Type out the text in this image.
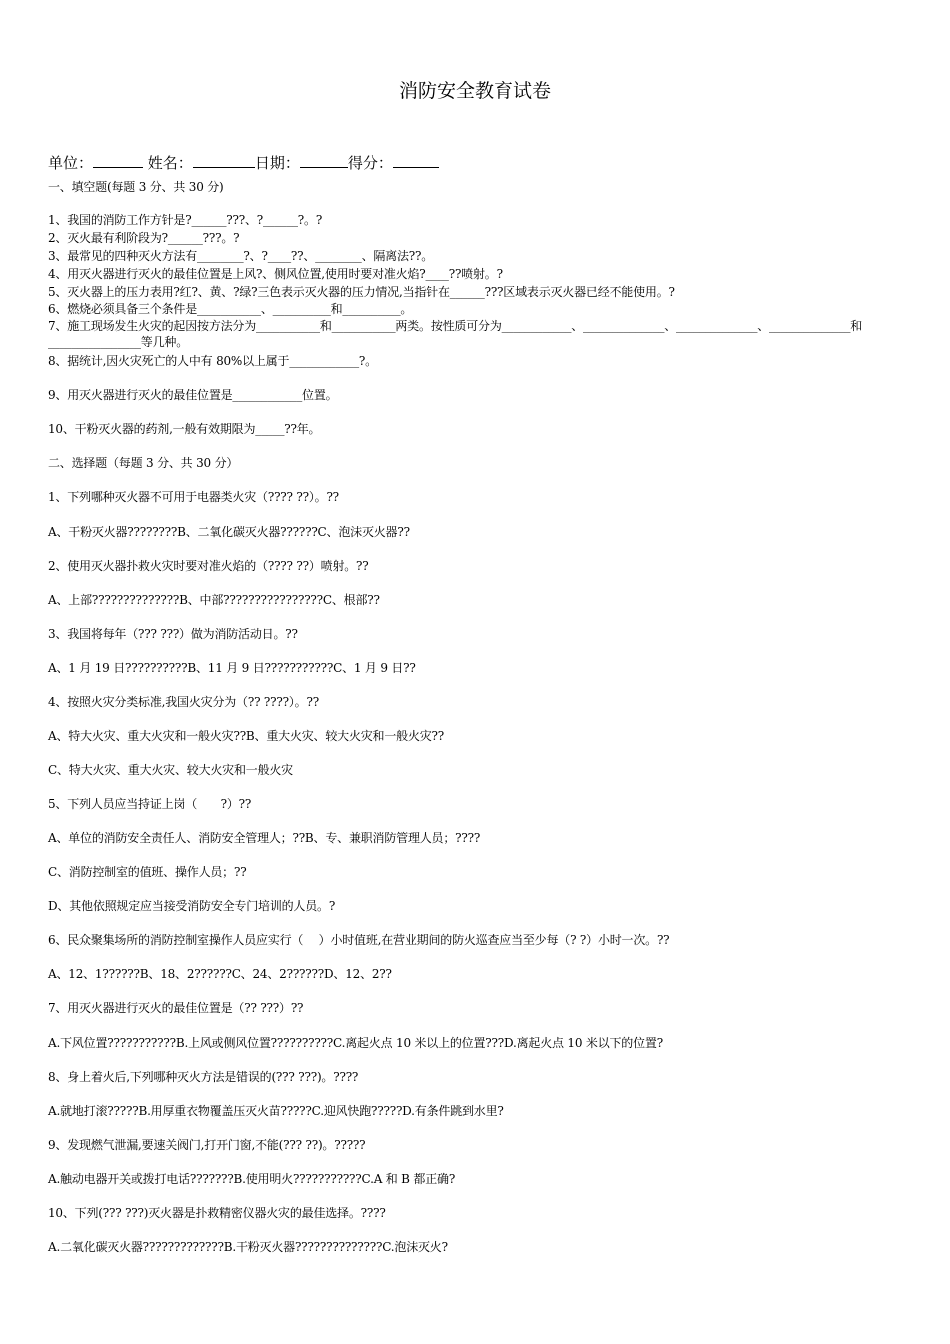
消防安全教育试卷
单位：	姓名：	日期：	得分：
一、填空题(每题 3 分、共 30 分)
1、我国的消防工作方针是?______???、?______?。?
2、灭火最有利阶段为?______???。?
3、最常见的四种灭火方法有________?、?____??、________、隔离法??。
4、用灭火器进行灭火的最佳位置是上风?、侧风位置,使用时要对准火焰?____??喷射。?
5、灭火器上的压力表用?红?、黄、?绿?三色表示灭火器的压力情况,当指针在______???区域表示灭火器已经不能使用。?
6、燃烧必须具备三个条件是___________、__________和__________。
7、施工现场发生火灾的起因按方法分为___________和___________两类。按性质可分为____________、______________、______________、______________和________________等几种。
8、据统计,因火灾死亡的人中有 80%以上属于____________?。
9、用灭火器进行灭火的最佳位置是____________位置。
10、干粉灭火器的药剂,一般有效期限为_____??年。
二、选择题（每题 3 分、共 30 分）
1、下列哪种灭火器不可用于电器类火灾（???? ??）。??
A、干粉灭火器????????B、二氧化碳灭火器??????C、泡沫灭火器??
2、使用灭火器扑救火灾时要对准火焰的（???? ??）喷射。??
A、上部??????????????B、中部????????????????C、根部??
3、我国将每年（??? ???）做为消防活动日。??
A、1 月 19 日??????????B、11 月 9 日???????????C、1 月 9 日??
4、按照火灾分类标准,我国火灾分为（?? ????）。??
A、特大火灾、重大火灾和一般火灾??B、重大火灾、较大火灾和一般火灾??
C、特大火灾、重大火灾、较大火灾和一般火灾
5、下列人员应当持证上岗（　　?）??
A、单位的消防安全责任人、消防安全管理人；??B、专、兼职消防管理人员；????
C、消防控制室的值班、操作人员；??
D、其他依照规定应当接受消防安全专门培训的人员。?
6、民众聚集场所的消防控制室操作人员应实行（　 ）小时值班,在营业期间的防火巡查应当至少每（? ?）小时一次。??
A、12、1??????B、18、2??????C、24、2??????D、12、2??
7、用灭火器进行灭火的最佳位置是（?? ???）??
A.下风位置???????????B.上风或侧风位置??????????C.离起火点 10 米以上的位置???D.离起火点 10 米以下的位置?
8、身上着火后,下列哪种灭火方法是错误的(??? ???)。????
A.就地打滚?????B.用厚重衣物覆盖压灭火苗?????C.迎风快跑?????D.有条件跳到水里?
9、发现燃气泄漏,要速关阀门,打开门窗,不能(??? ??)。?????
A.触动电器开关或拨打电话???????B.使用明火???????????C.A 和 B 都正确?
10、下列(??? ???)灭火器是扑救精密仪器火灾的最佳选择。????
A.二氧化碳灭火器?????????????B.干粉灭火器??????????????C.泡沫灭火?
